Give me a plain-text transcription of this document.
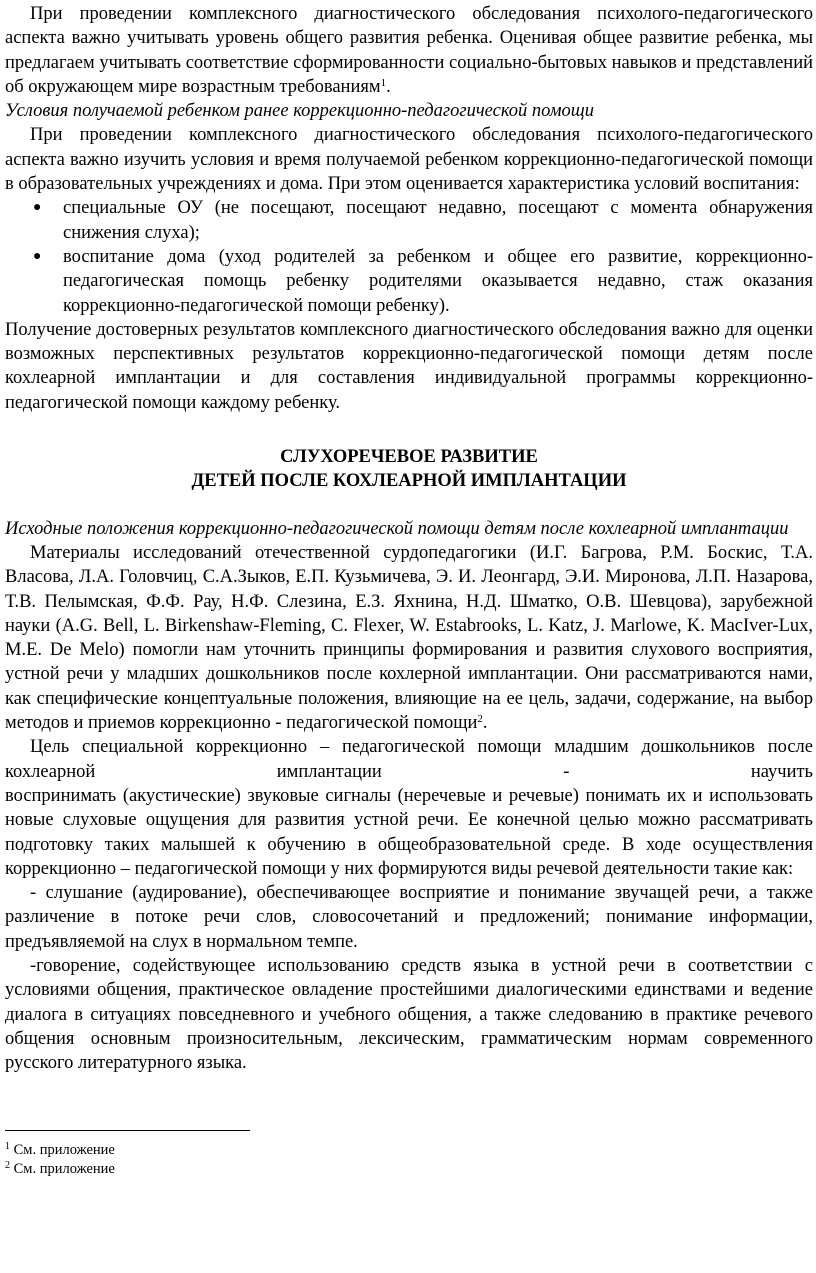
При проведении комплексного диагностического обследования психолого-педагогического аспекта важно учитывать уровень общего развития ребенка. Оценивая общее развитие ребенка, мы предлагаем учитывать соответствие сформированности социально-бытовых навыков и представлений об окружающем мире возрастным требованиям$^1$.

Условия получаемой ребенком ранее коррекционно-педагогической помощи

При проведении комплексного диагностического обследования психолого-педагогического аспекта важно изучить условия и время получаемой ребенком коррекционно-педагогической помощи в образовательных учреждениях и дома. При этом оценивается характеристика условий воспитания:

● специальные ОУ (не посещают, посещают недавно, посещают с момента обнаружения снижения слуха);
● воспитание дома (уход родителей за ребенком и общее его развитие, коррекционно-педагогическая помощь ребенку родителями оказывается недавно, стаж оказания коррекционно-педагогической помощи ребенку).

Получение достоверных результатов комплексного диагностического обследования важно для оценки возможных перспективных результатов коррекционно-педагогической помощи детям после кохлеарной имплантации и для составления индивидуальной программы коррекционно-педагогической помощи каждому ребенку.

СЛУХОРЕЧЕВОЕ РАЗВИТИЕ
ДЕТЕЙ ПОСЛЕ КОХЛЕАРНОЙ ИМПЛАНТАЦИИ

Исходные положения коррекционно-педагогической помощи детям после кохлеарной имплантации

Материалы исследований отечественной сурдопедагогики (И.Г. Багрова, Р.М. Боскис, Т.А. Власова, Л.А. Головчиц, С.А.Зыков, Е.П. Кузьмичева, Э. И. Леонгард, Э.И. Миронова, Л.П. Назарова, Т.В. Пелымская, Ф.Ф. Рау, Н.Ф. Слезина, Е.З. Яхнина, Н.Д. Шматко, О.В. Шевцова), зарубежной науки (A.G. Bell, L. Birkenshaw-Fleming, C. Flexer, W. Estabrooks, L. Katz, J. Marlowe, K. MacIver-Lux, M.E. De Melo) помогли нам уточнить принципы формирования и развития слухового восприятия, устной речи у младших дошкольников после кохлерной имплантации. Они рассматриваются нами, как специфические концептуальные положения, влияющие на ее цель, задачи, содержание, на выбор методов и приемов коррекционно - педагогической помощи$^2$.

Цель специальной коррекционно – педагогической помощи младшим дошкольников после кохлеарной имплантации - научить

воспринимать (акустические) звуковые сигналы (неречевые и речевые) понимать их и использовать новые слуховые ощущения для развития устной речи. Ее конечной целью можно рассматривать подготовку таких малышей к обучению в общеобразовательной среде. В ходе осуществления коррекционно – педагогической помощи у них формируются виды речевой деятельности такие как:

- слушание (аудирование), обеспечивающее восприятие и понимание звучащей речи, а также различение в потоке речи слов, словосочетаний и предложений; понимание информации, предъявляемой на слух в нормальном темпе.

-говорение, содействующее использованию средств языка в устной речи в соответствии с условиями общения, практическое овладение простейшими диалогическими единствами и ведение диалога в ситуациях повседневного и учебного общения, а также следованию в практике речевого общения основным произносительным, лексическим, грамматическим нормам современного русского литературного языка.

$^1$ См. приложение
$^2$ См. приложение
